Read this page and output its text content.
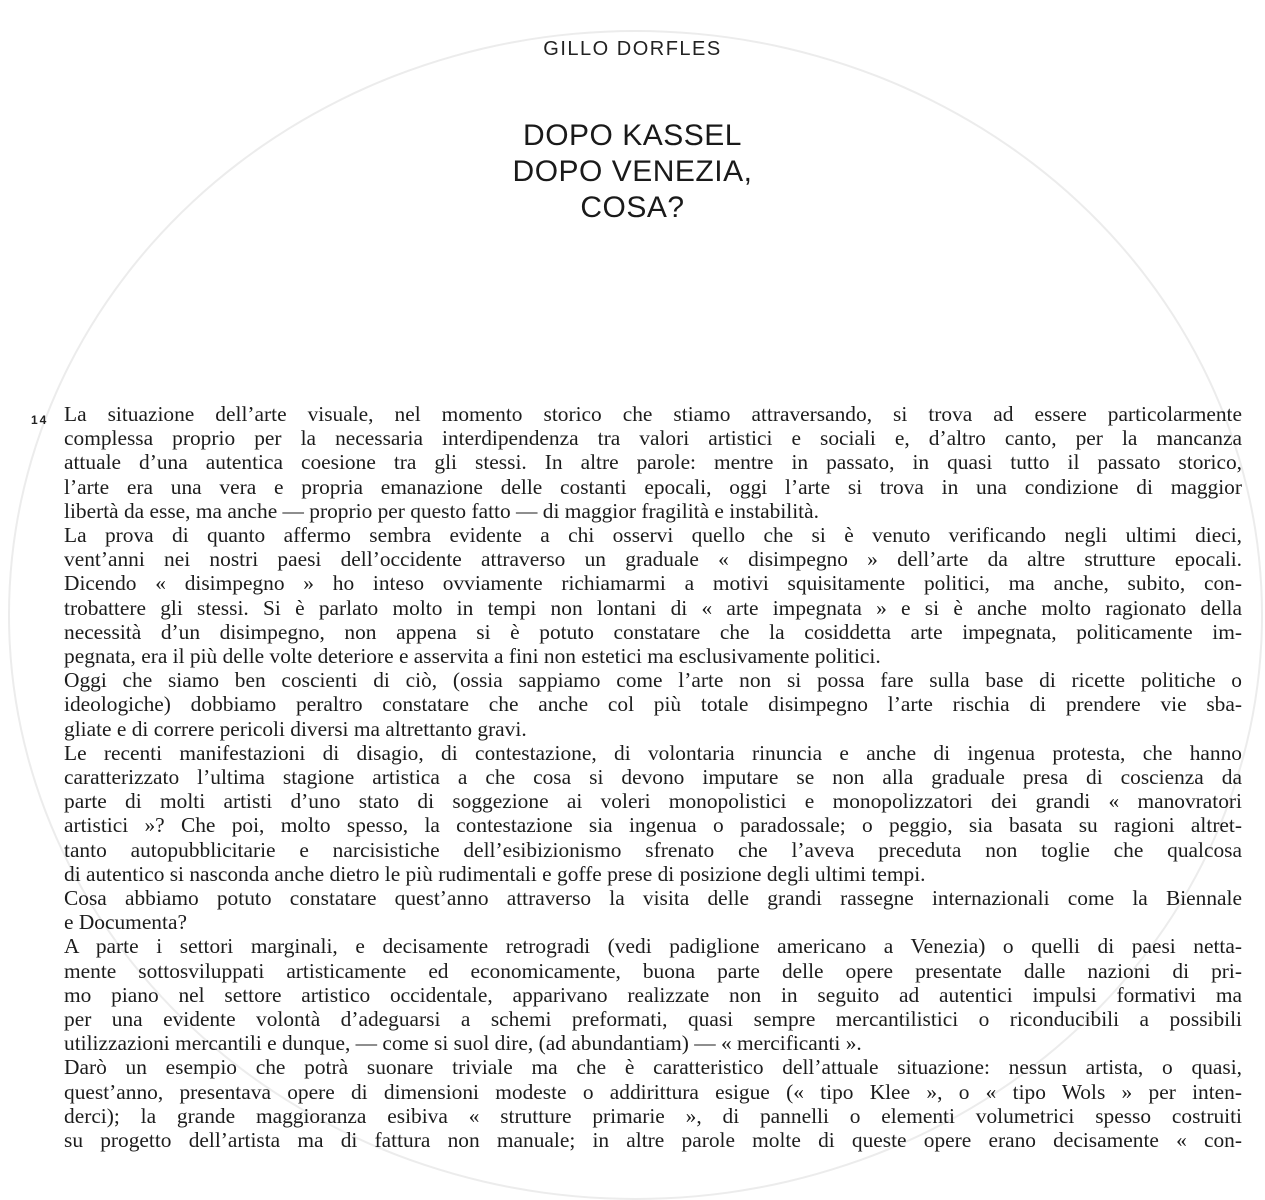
GILLO DORFLES
DOPO KASSEL
DOPO VENEZIA,
COSA?
14 La situazione dell’arte visuale, nel momento storico che stiamo attraversando, si trova ad essere particolarmente
complessa proprio per la necessaria interdipendenza tra valori artistici e sociali e, d’altro canto, per la mancanza
attuale d’una autentica coesione tra gli stessi. In altre parole: mentre in passato, in quasi tutto il passato storico,
l’arte era una vera e propria emanazione delle costanti epocali, oggi l’arte si trova in una condizione di maggior
libertà da esse, ma anche — proprio per questo fatto — di maggior fragilità e instabilità.
La prova di quanto affermo sembra evidente a chi osservi quello che si è venuto verificando negli ultimi dieci,
vent’anni nei nostri paesi dell’occidente attraverso un graduale « disimpegno » dell’arte da altre strutture epocali.
Dicendo « disimpegno » ho inteso ovviamente richiamarmi a motivi squisitamente politici, ma anche, subito, con-
trobattere gli stessi. Si è parlato molto in tempi non lontani di « arte impegnata » e si è anche molto ragionato della
necessità d’un disimpegno, non appena si è potuto constatare che la cosiddetta arte impegnata, politicamente im-
pegnata, era il più delle volte deteriore e asservita a fini non estetici ma esclusivamente politici.
Oggi che siamo ben coscienti di ciò, (ossia sappiamo come l’arte non si possa fare sulla base di ricette politiche o
ideologiche) dobbiamo peraltro constatare che anche col più totale disimpegno l’arte rischia di prendere vie sba-
gliate e di correre pericoli diversi ma altrettanto gravi.
Le recenti manifestazioni di disagio, di contestazione, di volontaria rinuncia e anche di ingenua protesta, che hanno
caratterizzato l’ultima stagione artistica a che cosa si devono imputare se non alla graduale presa di coscienza da
parte di molti artisti d’uno stato di soggezione ai voleri monopolistici e monopolizzatori dei grandi « manovratori
artistici »? Che poi, molto spesso, la contestazione sia ingenua o paradossale; o peggio, sia basata su ragioni altret-
tanto autopubblicitarie e narcisistiche dell’esibizionismo sfrenato che l’aveva preceduta non toglie che qualcosa
di autentico si nasconda anche dietro le più rudimentali e goffe prese di posizione degli ultimi tempi.
Cosa abbiamo potuto constatare quest’anno attraverso la visita delle grandi rassegne internazionali come la Biennale
e Documenta?
A parte i settori marginali, e decisamente retrogradi (vedi padiglione americano a Venezia) o quelli di paesi netta-
mente sottosviluppati artisticamente ed economicamente, buona parte delle opere presentate dalle nazioni di pri-
mo piano nel settore artistico occidentale, apparivano realizzate non in seguito ad autentici impulsi formativi ma
per una evidente volontà d’adeguarsi a schemi preformati, quasi sempre mercantilistici o riconducibili a possibili
utilizzazioni mercantili e dunque, — come si suol dire, (ad abundantiam) — « mercificanti ».
Darò un esempio che potrà suonare triviale ma che è caratteristico dell’attuale situazione: nessun artista, o quasi,
quest’anno, presentava opere di dimensioni modeste o addirittura esigue (« tipo Klee », o « tipo Wols » per inten-
derci); la grande maggioranza esibiva « strutture primarie », di pannelli o elementi volumetrici spesso costruiti
su progetto dell’artista ma di fattura non manuale; in altre parole molte di queste opere erano decisamente « con-
